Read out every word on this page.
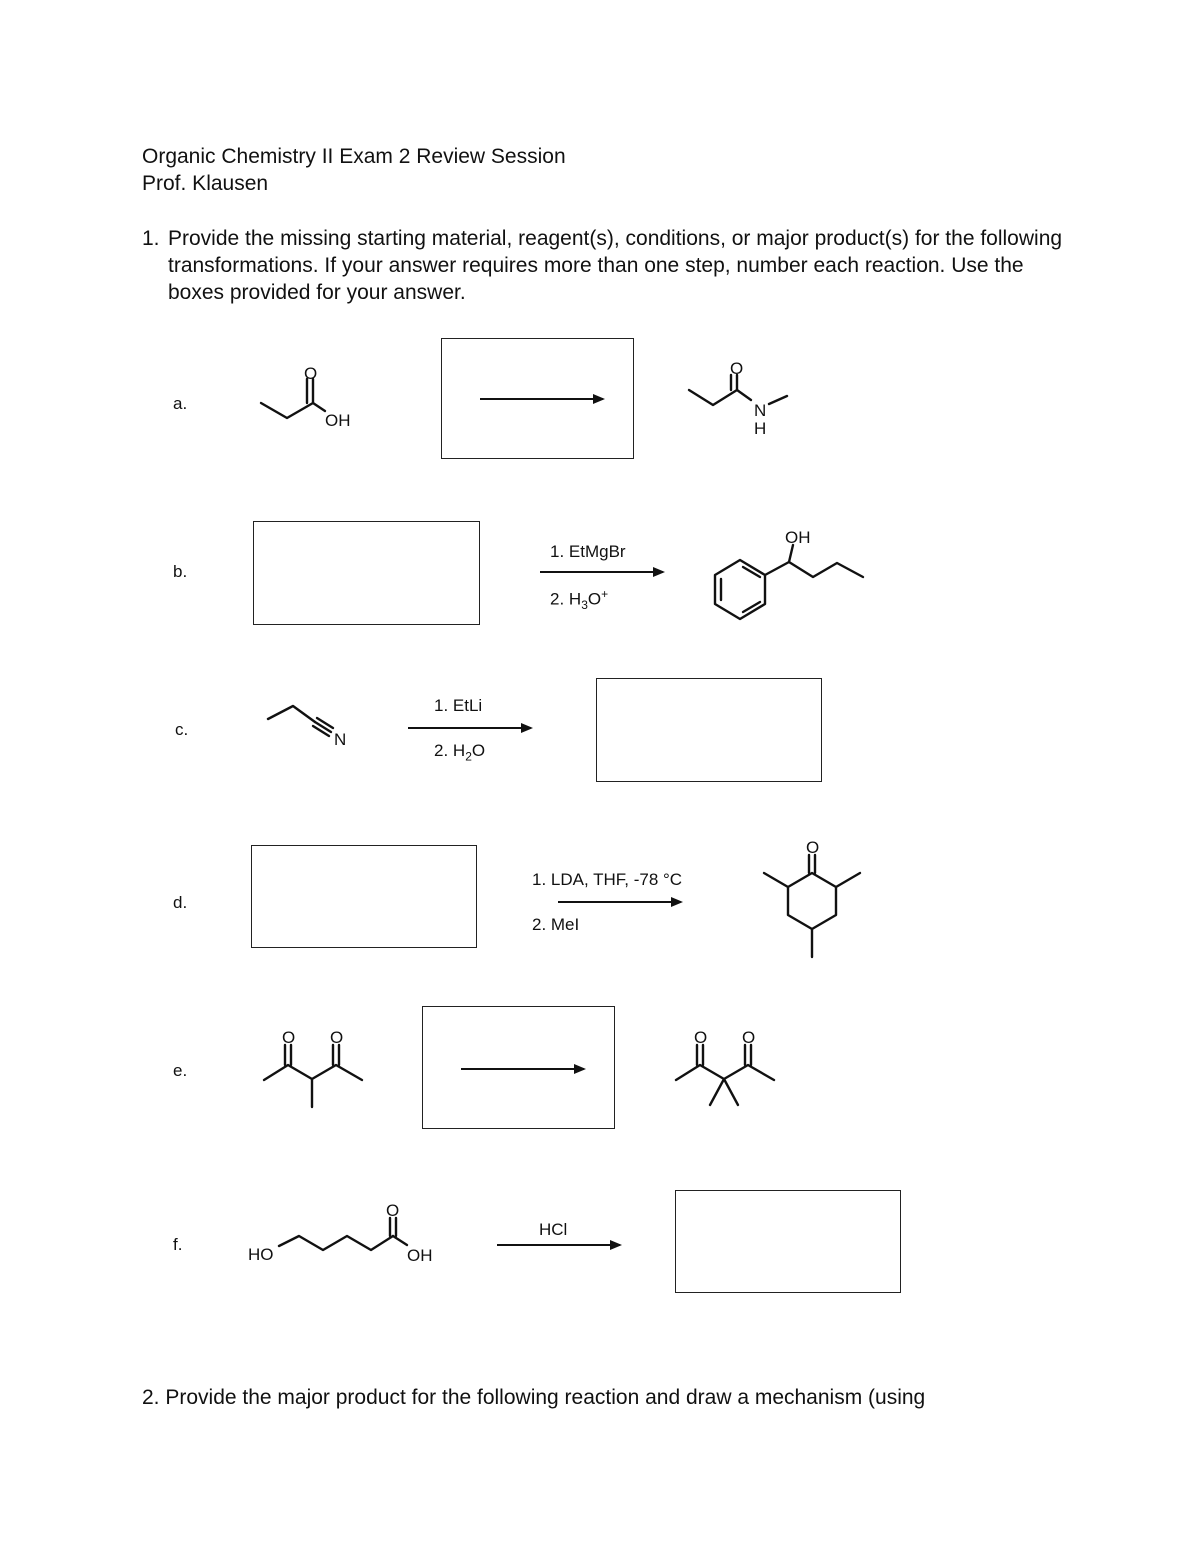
Organic Chemistry II Exam 2 Review Session
Prof. Klausen
1. Provide the missing starting material, reagent(s), conditions, or major product(s) for the following transformations. If your answer requires more than one step, number each reaction. Use the boxes provided for your answer.
a.
O
OH
O
N
H
b.
1. EtMgBr
2. $H_3O^+$
OH
c.
N
1. EtLi
2. $H_2O$
d.
1. LDA, THF, -78 °C
2. MeI
O
e.
O O	O O
f.
HO
O
OH
HCl
2. Provide the major product for the following reaction and draw a mechanism (using
